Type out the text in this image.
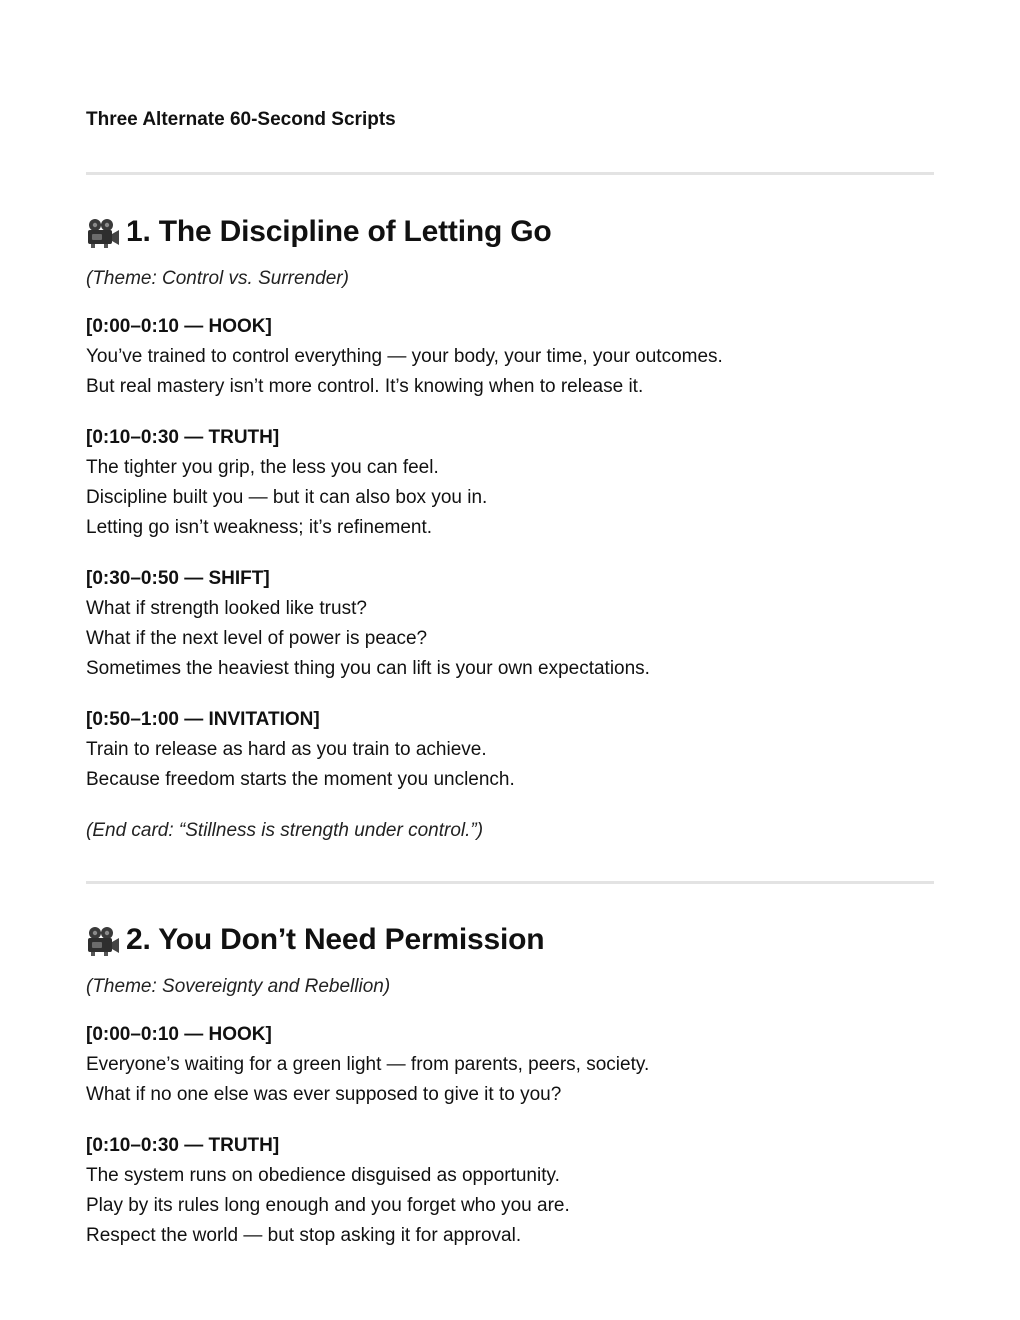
Three Alternate 60-Second Scripts
1. The Discipline of Letting Go
(Theme: Control vs. Surrender)
[0:00–0:10 — HOOK]
You’ve trained to control everything — your body, your time, your outcomes.
But real mastery isn’t more control. It’s knowing when to release it.
[0:10–0:30 — TRUTH]
The tighter you grip, the less you can feel.
Discipline built you — but it can also box you in.
Letting go isn’t weakness; it’s refinement.
[0:30–0:50 — SHIFT]
What if strength looked like trust?
What if the next level of power is peace?
Sometimes the heaviest thing you can lift is your own expectations.
[0:50–1:00 — INVITATION]
Train to release as hard as you train to achieve.
Because freedom starts the moment you unclench.
(End card: “Stillness is strength under control.”)
2. You Don’t Need Permission
(Theme: Sovereignty and Rebellion)
[0:00–0:10 — HOOK]
Everyone’s waiting for a green light — from parents, peers, society.
What if no one else was ever supposed to give it to you?
[0:10–0:30 — TRUTH]
The system runs on obedience disguised as opportunity.
Play by its rules long enough and you forget who you are.
Respect the world — but stop asking it for approval.
